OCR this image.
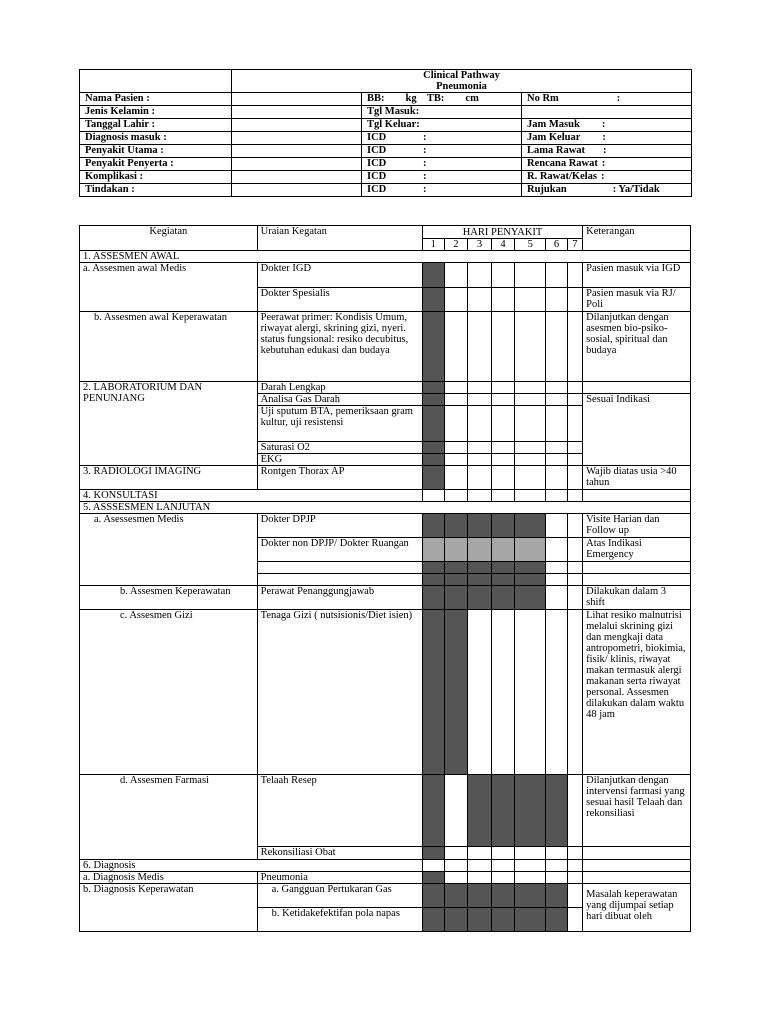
	Clinical Pathway
Pneumonia		

Nama Pasien :		BB:        kg    TB:        cm	No Rm :
Jenis Kelamin :		Tgl Masuk:	
Tanggal Lahir :		Tgl Keluar:	Jam Masuk :

Diagnosis masuk :		ICD              :	Jam Keluar :

Penyakit Utama :		ICD              :	Lama Rawat :

Penyakit Penyerta :		ICD              :	Rencana Rawat :

Komplikasi :		ICD              :	R. Rawat/Kelas :

Tindakan :		ICD              :	Rujukan : Ya/Tidak
Kegiatan	Uraian Kegatan	HARI PENYAKIT							Keterangan
		1	2	3	4	5	6	7	
1. ASSESMEN AWAL									
a. Assesmen awal Medis	Dokter IGD								Pasien masuk via IGD
	Dokter Spesialis								Pasien masuk via RJ/ Poli
b. Assesmen awal Keperawatan	Peerawat primer: Kondisis Umum, riwayat alergi, skrining gizi, nyeri. status fungsional: resiko decubitus, kebutuhan edukasi dan budaya								Dilanjutkan dengan asesmen bio-psiko-sosial, spiritual dan budaya
2. LABORATORIUM DAN PENUNJANG	Darah Lengkap								
	Analisa Gas Darah								Sesuai Indikasi
	Uji sputum BTA, pemeriksaan gram kultur, uji resistensi								
	Saturasi O2								
	EKG								
3. RADIOLOGI IMAGING	Rontgen Thorax AP								Wajib diatas usia >40 tahun
4. KONSULTASI									
5. ASSSESMEN LANJUTAN									
a. Asessesmen Medis	Dokter DPJP								Visite Harian dan Follow up
	Dokter non DPJP/ Dokter Ruangan								Atas Indikasi Emergency

b. Assesmen Keperawatan	Perawat Penanggungjawab								Dilakukan dalam 3 shift
c. Assesmen Gizi	Tenaga Gizi ( nutsisionis/Diet isien)								Lihat resiko malnutrisi melalui skrining gizi dan mengkaji data antropometri, biokimia, fisik/ klinis, riwayat makan termasuk alergi makanan serta riwayat personal. Assesmen dilakukan dalam waktu 48 jam
d. Assesmen Farmasi	Telaah Resep								Dilanjutkan dengan intervensi farmasi yang sesuai hasil Telaah dan rekonsiliasi
	Rekonsiliasi Obat								
6. Diagnosis									
a. Diagnosis Medis	Pneumonia								
b. Diagnosis Keperawatan	a. Gangguan Pertukaran Gas								Masalah keperawatan yang dijumpai setiap hari dibuat oleh
	b. Ketidakefektifan pola napas								
